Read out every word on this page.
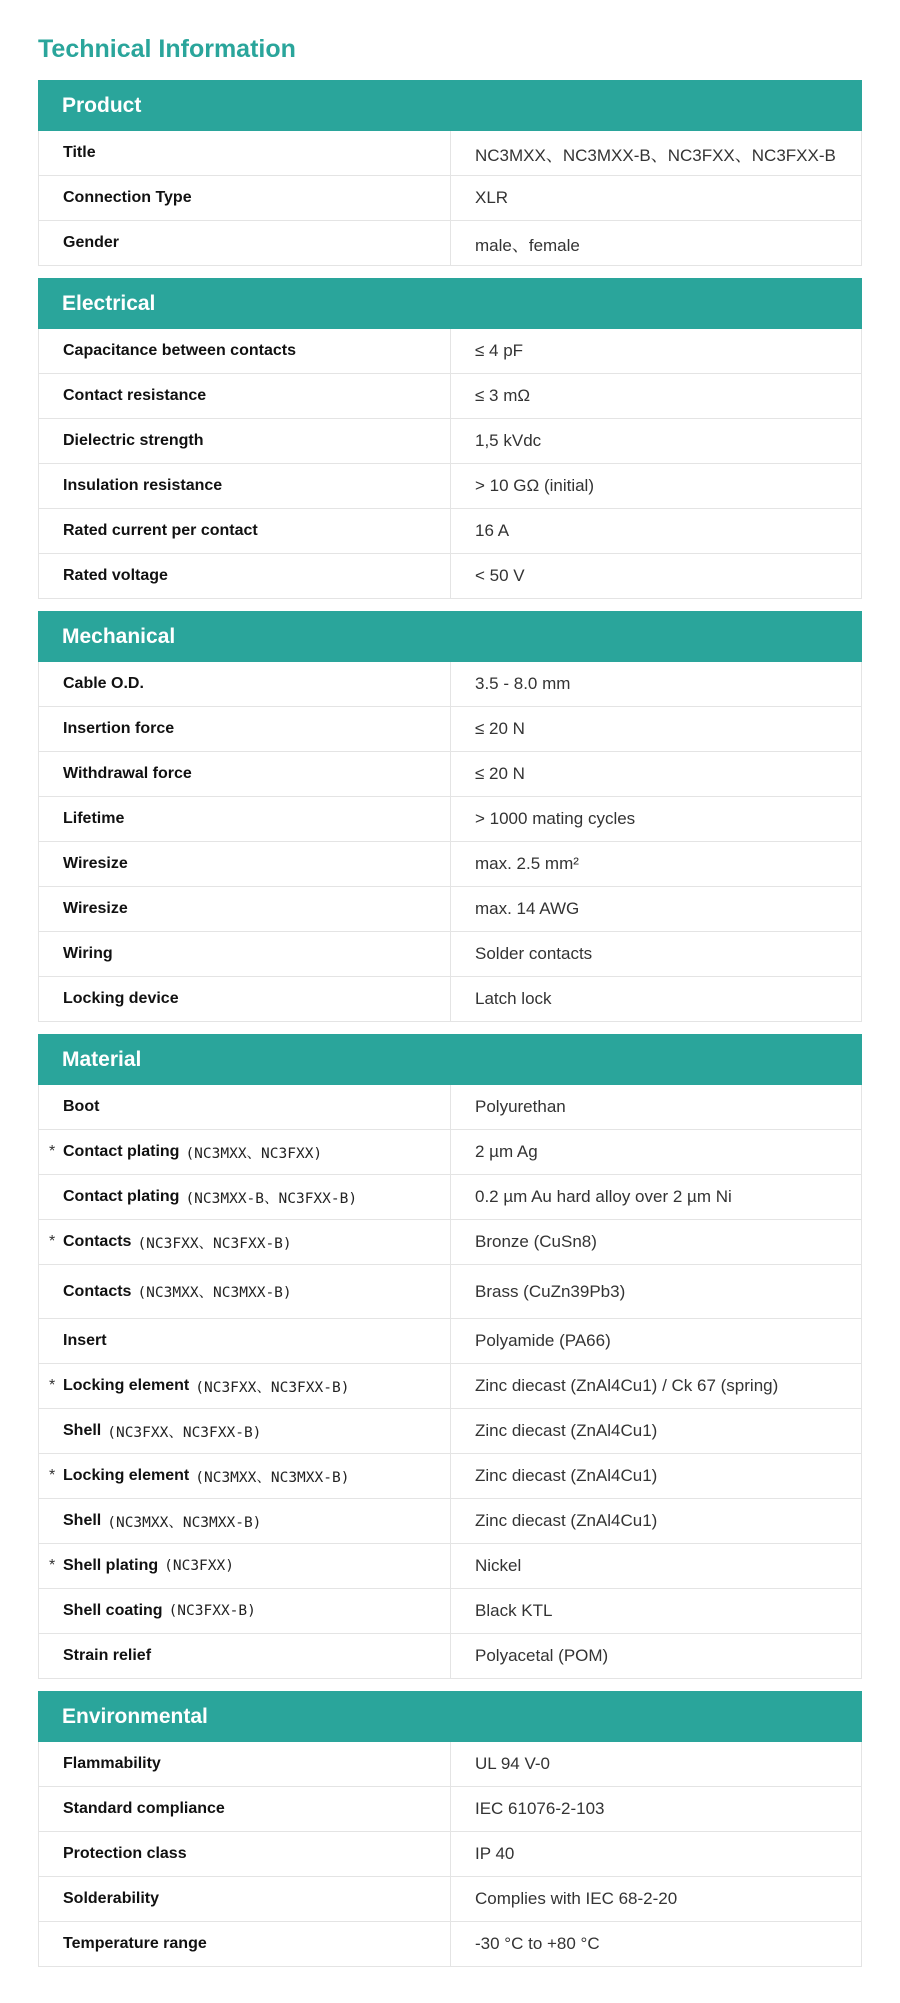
Technical Information
Product
Title	NC3MXX、NC3MXX-B、NC3FXX、NC3FXX-B
Connection Type	XLR
Gender	male、female
Electrical
Capacitance between contacts	≤ 4 pF
Contact resistance	≤ 3 mΩ
Dielectric strength	1,5 kVdc
Insulation resistance	> 10 GΩ (initial)
Rated current per contact	16 A
Rated voltage	< 50 V
Mechanical
Cable O.D.	3.5 - 8.0 mm
Insertion force	≤ 20 N
Withdrawal force	≤ 20 N
Lifetime	> 1000 mating cycles
Wiresize	max. 2.5 mm²
Wiresize	max. 14 AWG
Wiring	Solder contacts
Locking device	Latch lock
Material
Boot	Polyurethan
* Contact plating (NC3MXX、NC3FXX)	2 µm Ag
Contact plating (NC3MXX-B、NC3FXX-B)	0.2 µm Au hard alloy over 2 µm Ni
* Contacts (NC3FXX、NC3FXX-B)	Bronze (CuSn8)
Contacts (NC3MXX、NC3MXX-B)	Brass (CuZn39Pb3)
Insert	Polyamide (PA66)
* Locking element (NC3FXX、NC3FXX-B)	Zinc diecast (ZnAl4Cu1) / Ck 67 (spring)
Shell (NC3FXX、NC3FXX-B)	Zinc diecast (ZnAl4Cu1)
* Locking element (NC3MXX、NC3MXX-B)	Zinc diecast (ZnAl4Cu1)
Shell (NC3MXX、NC3MXX-B)	Zinc diecast (ZnAl4Cu1)
* Shell plating (NC3FXX)	Nickel
Shell coating (NC3FXX-B)	Black KTL
Strain relief	Polyacetal (POM)
Environmental
Flammability	UL 94 V-0
Standard compliance	IEC 61076-2-103
Protection class	IP 40
Solderability	Complies with IEC 68-2-20
Temperature range	-30 °C to +80 °C
